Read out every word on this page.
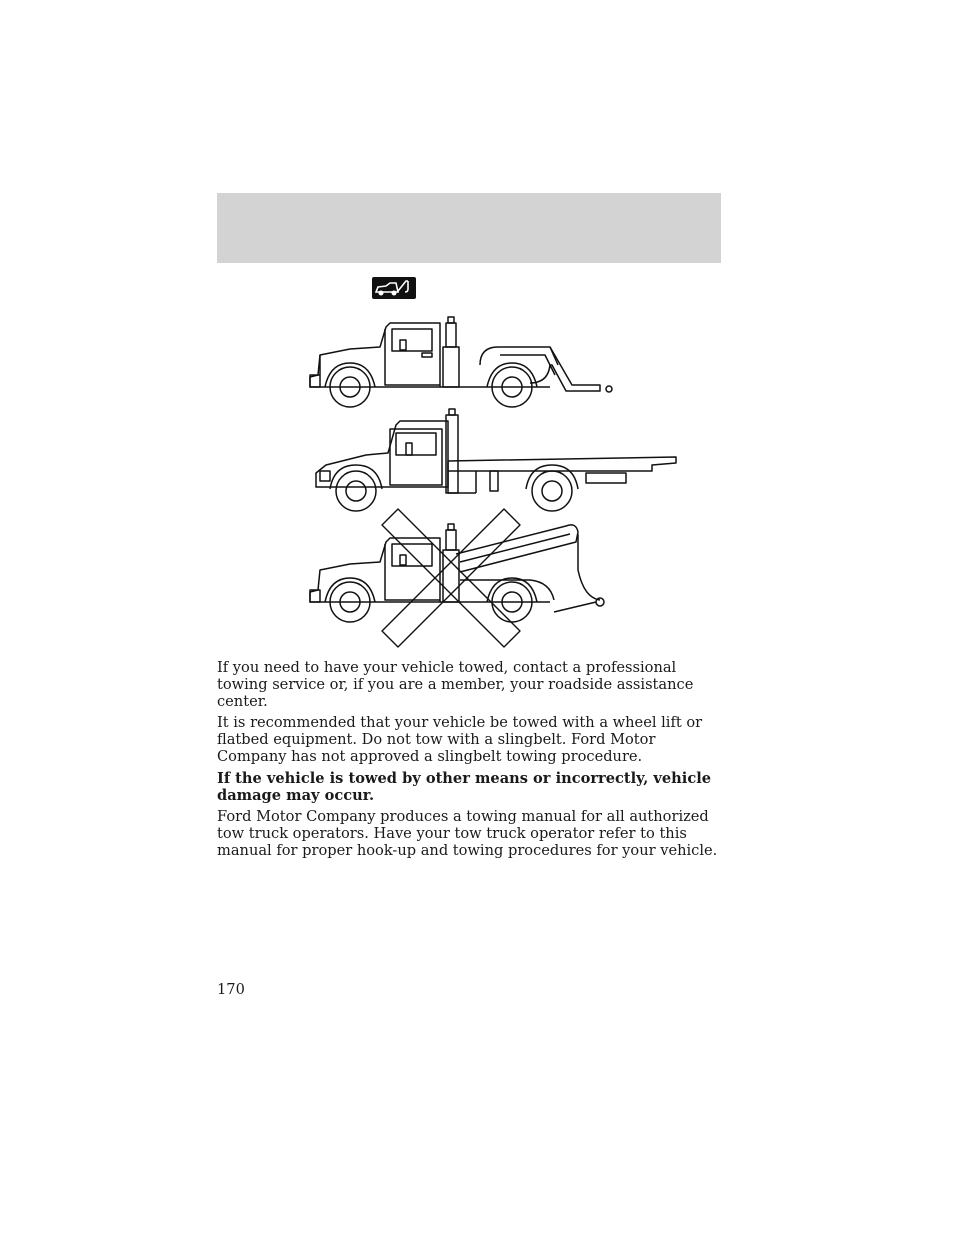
If you need to have your vehicle towed, contact a professional towing service or, if you are a member, your roadside assistance center.

It is recommended that your vehicle be towed with a wheel lift or flatbed equipment. Do not tow with a slingbelt. Ford Motor Company has not approved a slingbelt towing procedure.

If the vehicle is towed by other means or incorrectly, vehicle damage may occur.

Ford Motor Company produces a towing manual for all authorized tow truck operators. Have your tow truck operator refer to this manual for proper hook-up and towing procedures for your vehicle.

170
